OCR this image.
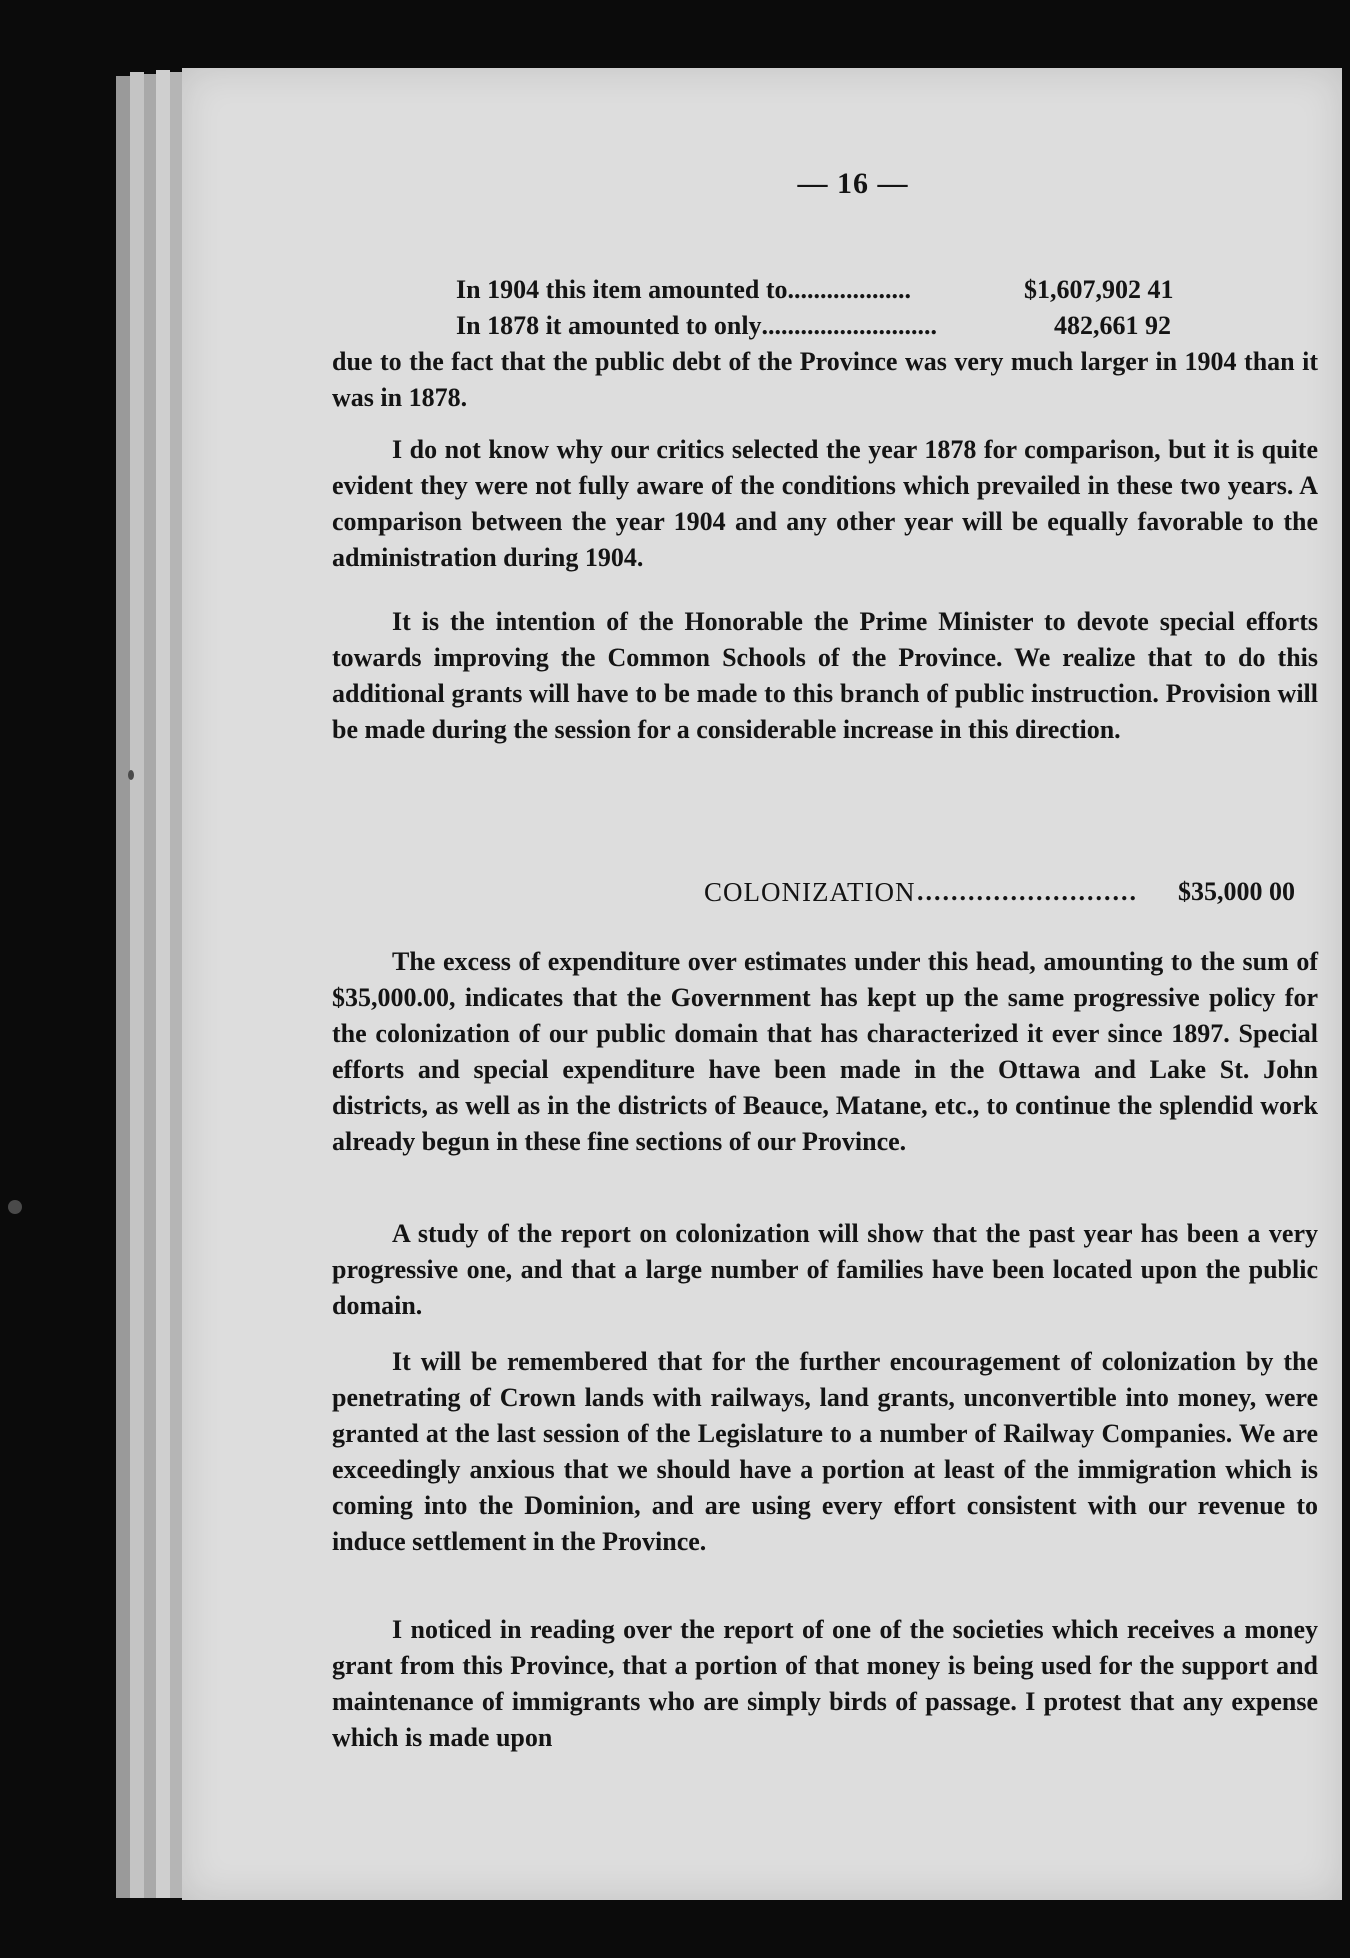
— 16 —
In 1904 this item amounted to...................	$1,607,902 41
In 1878 it amounted to only...........................	482,661 92

due to the fact that the public debt of the Province was very much larger in 1904 than it was in 1878.

I do not know why our critics selected the year 1878 for comparison, but it is quite evident they were not fully aware of the conditions which prevailed in these two years. A comparison between the year 1904 and any other year will be equally favorable to the administration during 1904.

It is the intention of the Honorable the Prime Minister to devote special efforts towards improving the Common Schools of the Province. We realize that to do this additional grants will have to be made to this branch of public instruction. Provision will be made during the session for a considerable increase in this direction.

COLONIZATION .......................... $35,000 00

The excess of expenditure over estimates under this head, amounting to the sum of $35,000.00, indicates that the Government has kept up the same progressive policy for the colonization of our public domain that has characterized it ever since 1897. Special efforts and special expenditure have been made in the Ottawa and Lake St. John districts, as well as in the districts of Beauce, Matane, etc., to continue the splendid work already begun in these fine sections of our Province.

A study of the report on colonization will show that the past year has been a very progressive one, and that a large number of families have been located upon the public domain.

It will be remembered that for the further encouragement of colonization by the penetrating of Crown lands with railways, land grants, unconvertible into money, were granted at the last session of the Legislature to a number of Railway Companies. We are exceedingly anxious that we should have a portion at least of the immigration which is coming into the Dominion, and are using every effort consistent with our revenue to induce settlement in the Province.

I noticed in reading over the report of one of the societies which receives a money grant from this Province, that a portion of that money is being used for the support and maintenance of immigrants who are simply birds of passage. I protest that any expense which is made upon
